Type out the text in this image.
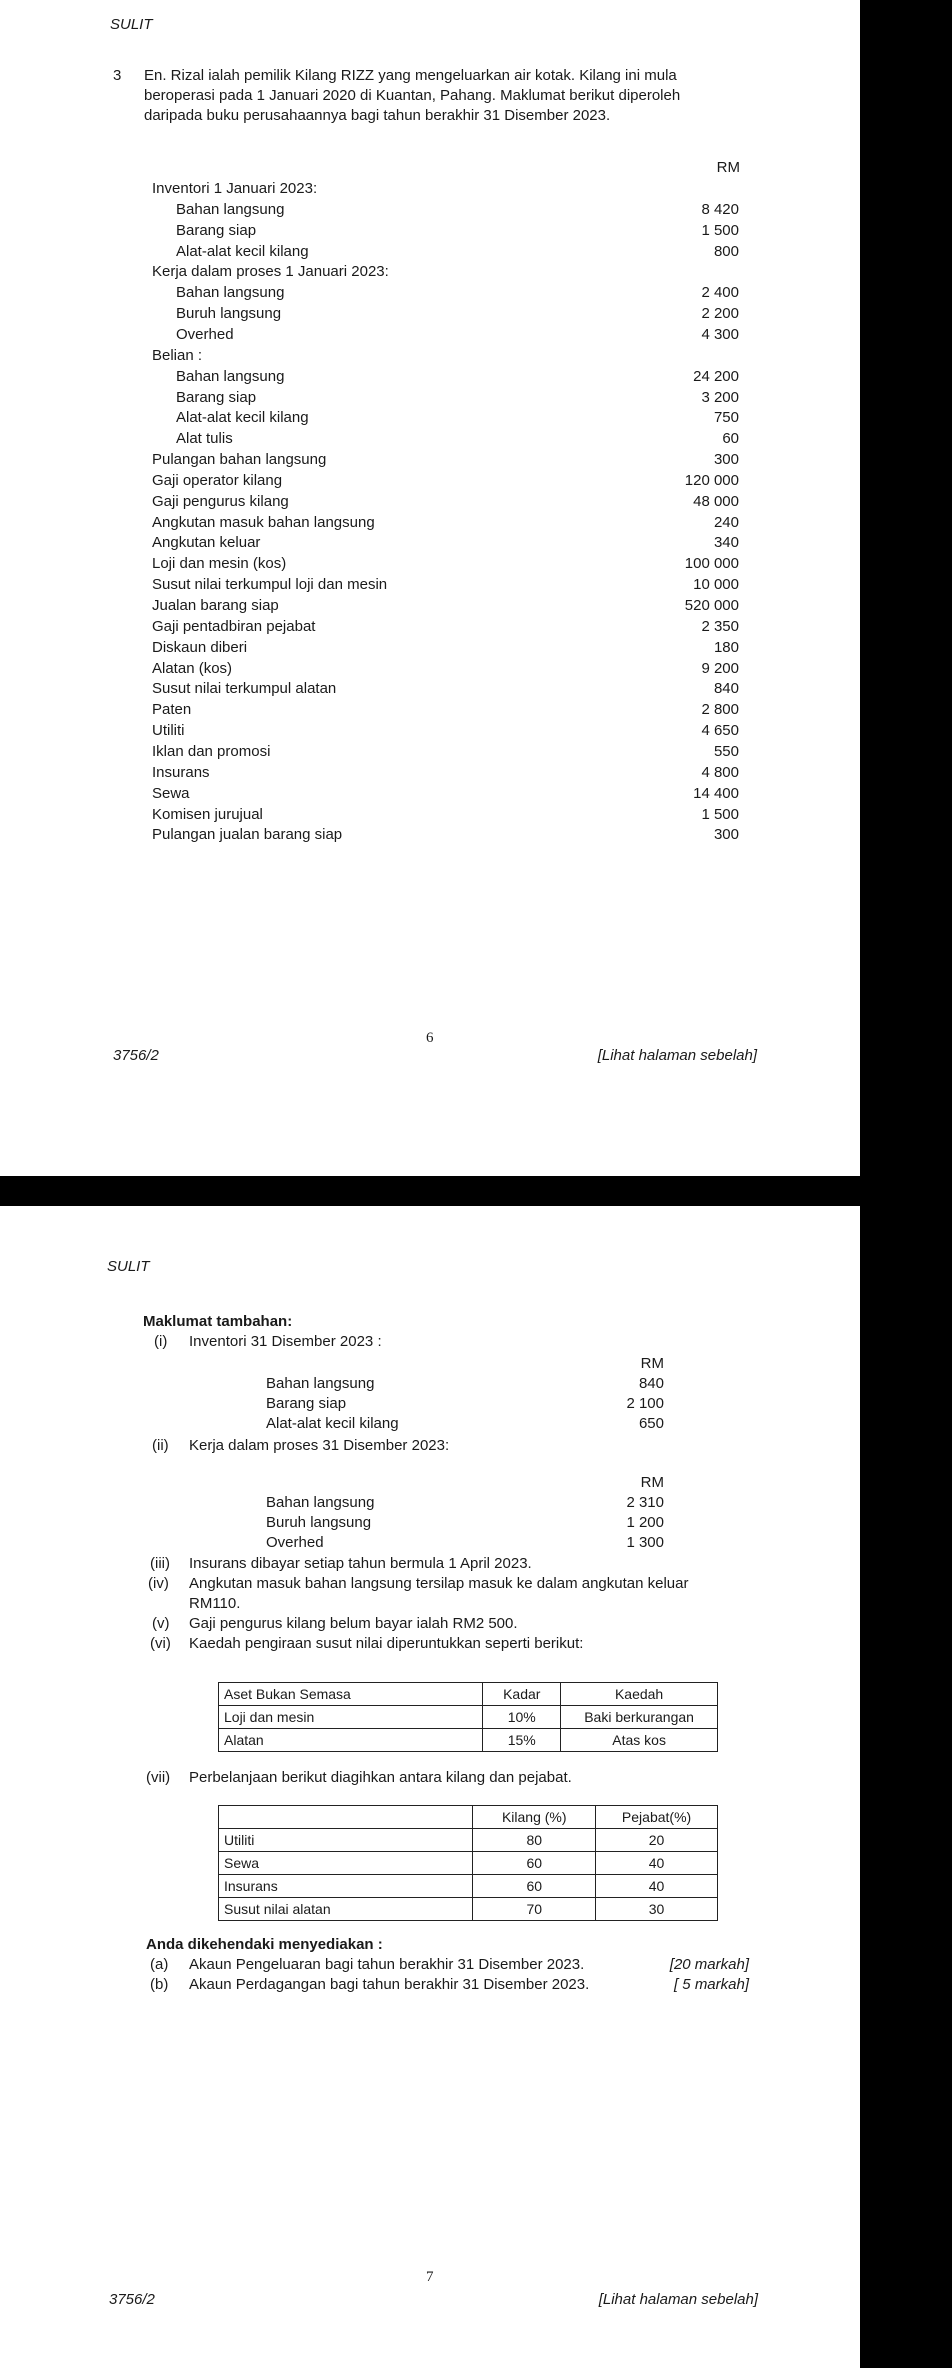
SULIT
3 En. Rizal ialah pemilik Kilang RIZZ yang mengeluarkan air kotak. Kilang ini mula
beroperasi pada 1 Januari 2020 di Kuantan, Pahang. Maklumat berikut diperoleh
daripada buku perusahaannya bagi tahun berakhir 31 Disember 2023.
RM
Inventori 1 Januari 2023:
Bahan langsung	8 420
Barang siap	1 500
Alat-alat kecil kilang	800
Kerja dalam proses 1 Januari 2023:
Bahan langsung	2 400
Buruh langsung	2 200
Overhed	4 300
Belian :
Bahan langsung	24 200
Barang siap	3 200
Alat-alat kecil kilang	750
Alat tulis	60
Pulangan bahan langsung	300
Gaji operator kilang	120 000
Gaji pengurus kilang	48 000
Angkutan masuk bahan langsung	240
Angkutan keluar	340
Loji dan mesin (kos)	100 000
Susut nilai terkumpul loji dan mesin	10 000
Jualan barang siap	520 000
Gaji pentadbiran pejabat	2 350
Diskaun diberi	180
Alatan (kos)	9 200
Susut nilai terkumpul alatan	840
Paten	2 800
Utiliti	4 650
Iklan dan promosi	550
Insurans	4 800
Sewa	14 400
Komisen jurujual	1 500
Pulangan jualan barang siap	300
6
3756/2	[Lihat halaman sebelah]
SULIT
Maklumat tambahan:
(i) Inventori 31 Disember 2023 :
RM
Bahan langsung	840
Barang siap	2 100
Alat-alat kecil kilang	650
(ii) Kerja dalam proses 31 Disember 2023:
RM
Bahan langsung	2 310
Buruh langsung	1 200
Overhed	1 300
(iii) Insurans dibayar setiap tahun bermula 1 April 2023.
(iv) Angkutan masuk bahan langsung tersilap masuk ke dalam angkutan keluar
RM110.
(v) Gaji pengurus kilang belum bayar ialah RM2 500.
(vi) Kaedah pengiraan susut nilai diperuntukkan seperti berikut:
Aset Bukan Semasa	Kadar	Kaedah
Loji dan mesin	10%	Baki berkurangan
Alatan	15%	Atas kos
(vii) Perbelanjaan berikut diagihkan antara kilang dan pejabat.
	Kilang (%)	Pejabat(%)
Utiliti	80	20
Sewa	60	40
Insurans	60	40
Susut nilai alatan	70	30
Anda dikehendaki menyediakan :
(a) Akaun Pengeluaran bagi tahun berakhir 31 Disember 2023.	[20 markah]
(b) Akaun Perdagangan bagi tahun berakhir 31 Disember 2023.	[ 5 markah]
7
3756/2	[Lihat halaman sebelah]
